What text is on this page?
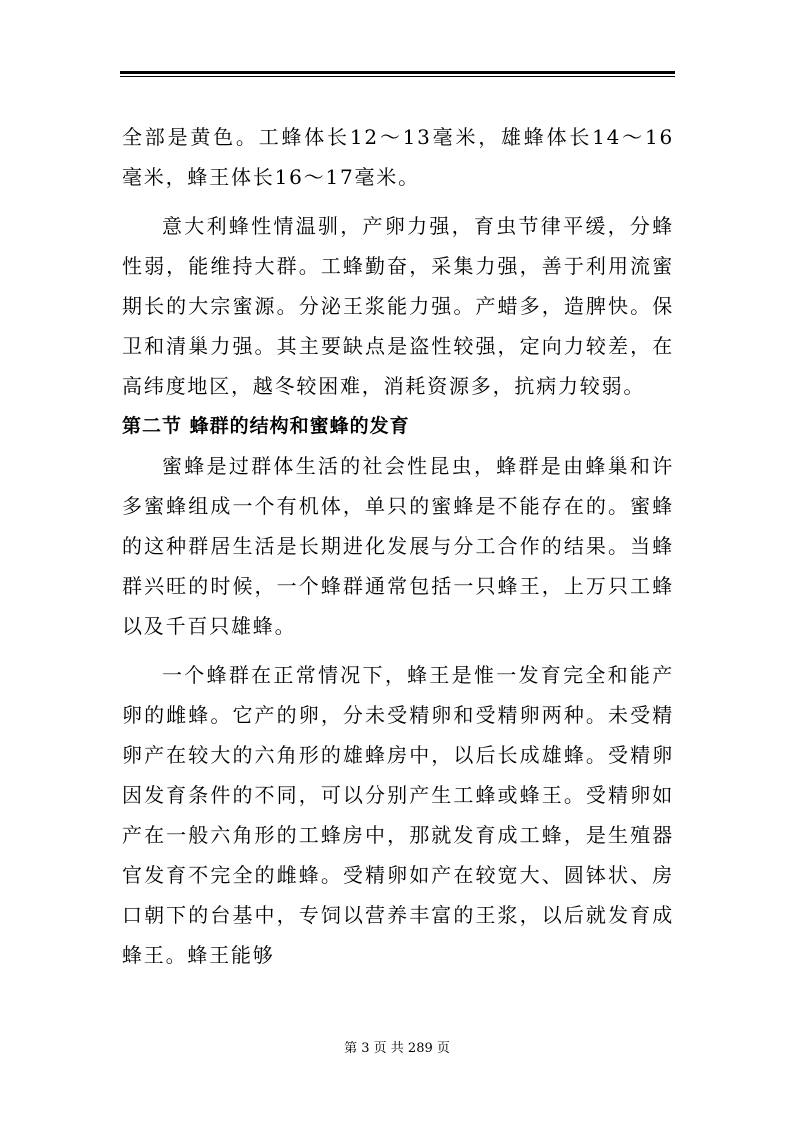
全部是黄色。工蜂体长12～13毫米，雄蜂体长14～16毫米，蜂王体长16～17毫米。

意大利蜂性情温驯，产卵力强，育虫节律平缓，分蜂性弱，能维持大群。工蜂勤奋，采集力强，善于利用流蜜期长的大宗蜜源。分泌王浆能力强。产蜡多，造脾快。保卫和清巢力强。其主要缺点是盗性较强，定向力较差，在高纬度地区，越冬较困难，消耗资源多，抗病力较弱。

第二节 蜂群的结构和蜜蜂的发育

蜜蜂是过群体生活的社会性昆虫，蜂群是由蜂巢和许多蜜蜂组成一个有机体，单只的蜜蜂是不能存在的。蜜蜂的这种群居生活是长期进化发展与分工合作的结果。当蜂群兴旺的时候，一个蜂群通常包括一只蜂王，上万只工蜂以及千百只雄蜂。

一个蜂群在正常情况下，蜂王是惟一发育完全和能产卵的雌蜂。它产的卵，分未受精卵和受精卵两种。未受精卵产在较大的六角形的雄蜂房中，以后长成雄蜂。受精卵因发育条件的不同，可以分别产生工蜂或蜂王。受精卵如产在一般六角形的工蜂房中，那就发育成工蜂，是生殖器官发育不完全的雌蜂。受精卵如产在较宽大、圆钵状、房口朝下的台基中，专饲以营养丰富的王浆，以后就发育成蜂王。蜂王能够

第 3 页 共 289 页
